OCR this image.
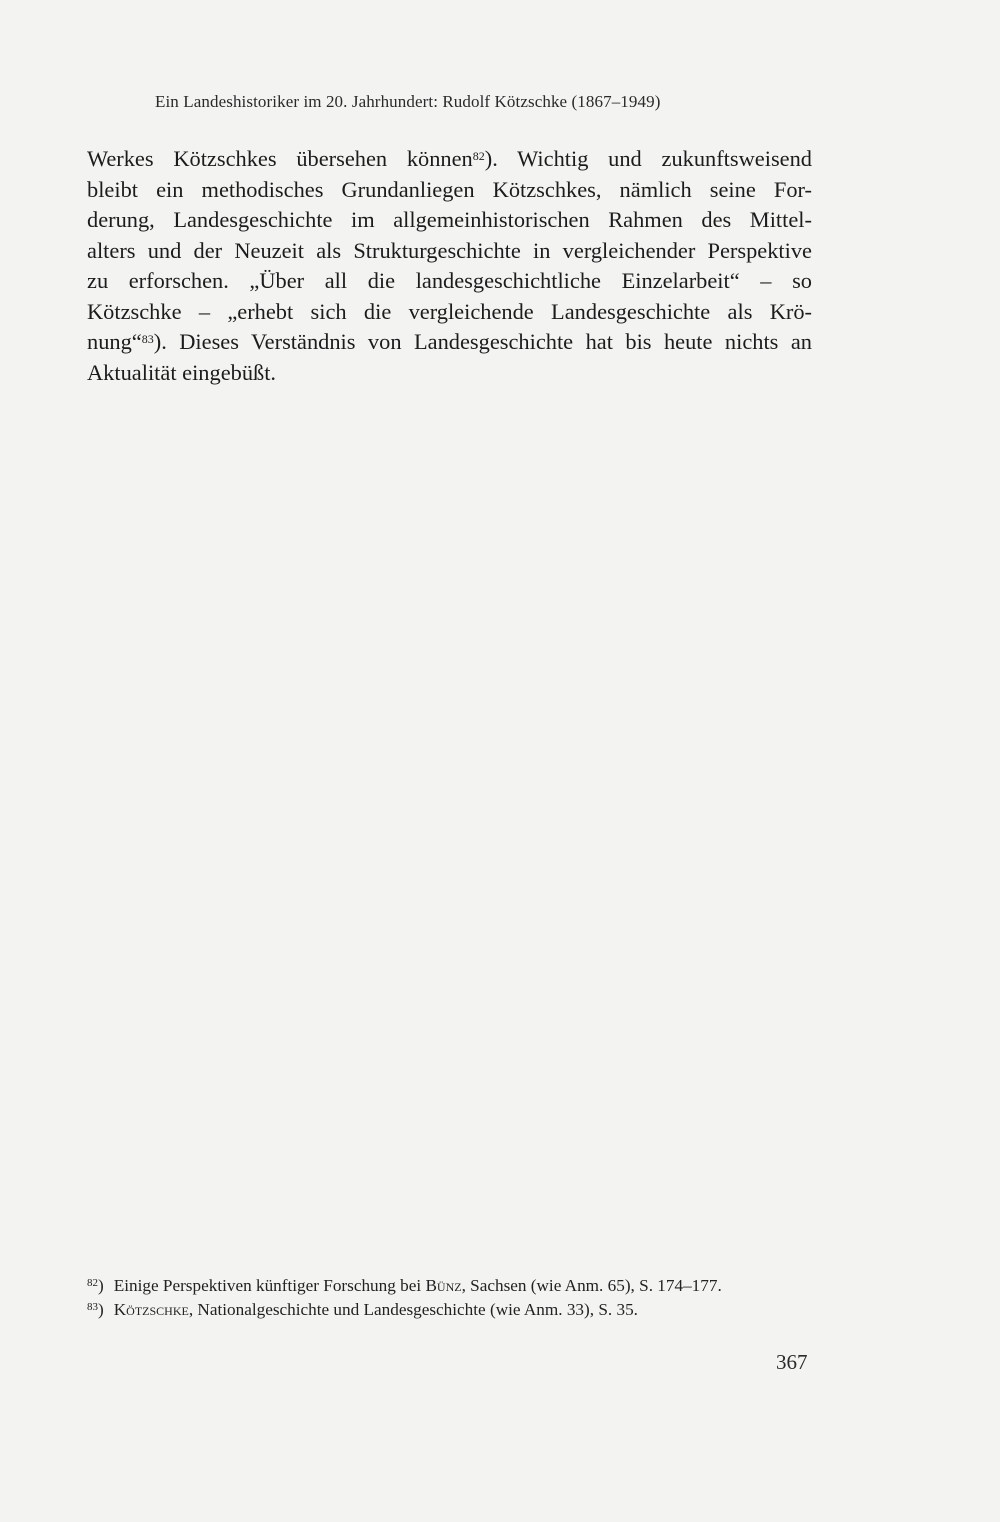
Ein Landeshistoriker im 20. Jahrhundert: Rudolf Kötzschke (1867–1949)
Werkes Kötzschkes übersehen können$^{82}$). Wichtig und zukunftsweisend
bleibt ein methodisches Grundanliegen Kötzschkes, nämlich seine For-
derung, Landesgeschichte im allgemeinhistorischen Rahmen des Mittel-
alters und der Neuzeit als Strukturgeschichte in vergleichender Perspektive
zu erforschen. „Über all die landesgeschichtliche Einzelarbeit“ – so
Kötzschke – „erhebt sich die vergleichende Landesgeschichte als Krö-
nung“$^{83}$). Dieses Verständnis von Landesgeschichte hat bis heute nichts an
Aktualität eingebüßt.
$^{82}$) Einige Perspektiven künftiger Forschung bei Bünz, Sachsen (wie Anm. 65), S. 174–177.
$^{83}$) Kötzschke, Nationalgeschichte und Landesgeschichte (wie Anm. 33), S. 35.
367
